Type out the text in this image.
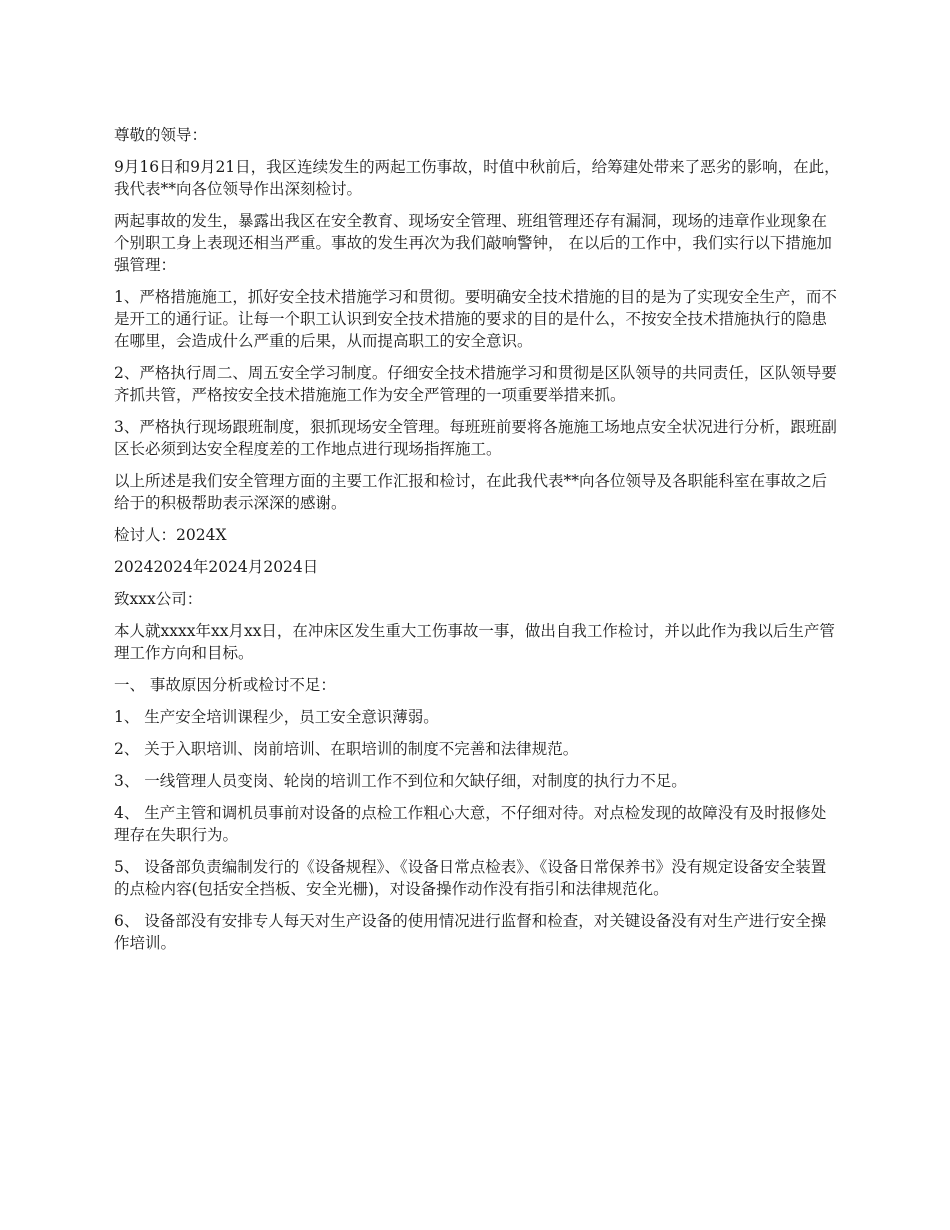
尊敬的领导：

9月16日和9月21日，我区连续发生的两起工伤事故，时值中秋前后，给筹建处带来了恶劣的影响，在此，我代表**向各位领导作出深刻检讨。

两起事故的发生，暴露出我区在安全教育、现场安全管理、班组管理还存有漏洞，现场的违章作业现象在个别职工身上表现还相当严重。事故的发生再次为我们敲响警钟， 在以后的工作中，我们实行以下措施加强管理：

1、严格措施施工，抓好安全技术措施学习和贯彻。要明确安全技术措施的目的是为了实现安全生产，而不是开工的通行证。让每一个职工认识到安全技术措施的要求的目的是什么，不按安全技术措施执行的隐患在哪里，会造成什么严重的后果，从而提高职工的安全意识。

2、严格执行周二、周五安全学习制度。仔细安全技术措施学习和贯彻是区队领导的共同责任，区队领导要齐抓共管，严格按安全技术措施施工作为安全严管理的一项重要举措来抓。

3、严格执行现场跟班制度，狠抓现场安全管理。每班班前要将各施施工场地点安全状况进行分析，跟班副区长必须到达安全程度差的工作地点进行现场指挥施工。

以上所述是我们安全管理方面的主要工作汇报和检讨，在此我代表**向各位领导及各职能科室在事故之后给于的积极帮助表示深深的感谢。

检讨人：2024X

20242024年2024月2024日

致xxx公司：

本人就xxxx年xx月xx日，在冲床区发生重大工伤事故一事，做出自我工作检讨，并以此作为我以后生产管理工作方向和目标。

一、 事故原因分析或检讨不足：

1、 生产安全培训课程少，员工安全意识薄弱。

2、 关于入职培训、岗前培训、在职培训的制度不完善和法律规范。

3、 一线管理人员变岗、轮岗的培训工作不到位和欠缺仔细，对制度的执行力不足。

4、 生产主管和调机员事前对设备的点检工作粗心大意，不仔细对待。对点检发现的故障没有及时报修处理存在失职行为。

5、 设备部负责编制发行的《设备规程》、《设备日常点检表》、《设备日常保养书》没有规定设备安全装置的点检内容(包括安全挡板、安全光栅)，对设备操作动作没有指引和法律规范化。

6、 设备部没有安排专人每天对生产设备的使用情况进行监督和检查，对关键设备没有对生产进行安全操作培训。
